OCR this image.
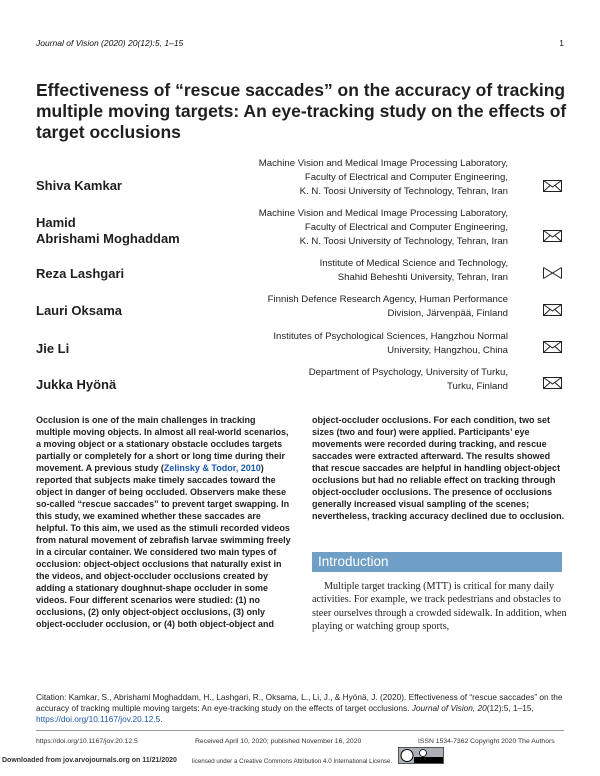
Journal of Vision (2020) 20(12):5, 1–15	1
Effectiveness of “rescue saccades” on the accuracy of tracking multiple moving targets: An eye-tracking study on the effects of target occlusions
Shiva Kamkar
Machine Vision and Medical Image Processing Laboratory,
Faculty of Electrical and Computer Engineering,
K. N. Toosi University of Technology, Tehran, Iran
Hamid
Abrishami Moghaddam
Machine Vision and Medical Image Processing Laboratory,
Faculty of Electrical and Computer Engineering,
K. N. Toosi University of Technology, Tehran, Iran
Reza Lashgari
Institute of Medical Science and Technology,
Shahid Beheshti University, Tehran, Iran
Lauri Oksama
Finnish Defence Research Agency, Human Performance
Division, Järvenpää, Finland
Jie Li
Institutes of Psychological Sciences, Hangzhou Normal
University, Hangzhou, China
Jukka Hyönä
Department of Psychology, University of Turku,
Turku, Finland
Occlusion is one of the main challenges in tracking multiple moving objects. In almost all real-world scenarios, a moving object or a stationary obstacle occludes targets partially or completely for a short or long time during their movement. A previous study (Zelinsky & Todor, 2010) reported that subjects make timely saccades toward the object in danger of being occluded. Observers make these so-called “rescue saccades” to prevent target swapping. In this study, we examined whether these saccades are helpful. To this aim, we used as the stimuli recorded videos from natural movement of zebrafish larvae swimming freely in a circular container. We considered two main types of occlusion: object-object occlusions that naturally exist in the videos, and object-occluder occlusions created by adding a stationary doughnut-shape occluder in some videos. Four different scenarios were studied: (1) no occlusions, (2) only object-object occlusions, (3) only object-occluder occlusion, or (4) both object-object and
object-occluder occlusions. For each condition, two set sizes (two and four) were applied. Participants’ eye movements were recorded during tracking, and rescue saccades were extracted afterward. The results showed that rescue saccades are helpful in handling object-object occlusions but had no reliable effect on tracking through object-occluder occlusions. The presence of occlusions generally increased visual sampling of the scenes; nevertheless, tracking accuracy declined due to occlusion.
Introduction
Multiple target tracking (MTT) is critical for many daily activities. For example, we track pedestrians and obstacles to steer ourselves through a crowded sidewalk. In addition, when playing or watching group sports,
Citation: Kamkar, S., Abrishami Moghaddam, H., Lashgari, R., Oksama, L., Li, J., & Hyönä, J. (2020). Effectiveness of “rescue saccades” on the accuracy of tracking multiple moving targets: An eye-tracking study on the effects of target occlusions. Journal of Vision, 20(12):5, 1–15, https://doi.org/10.1167/jov.20.12.5.
https://doi.org/10.1167/jov.20.12.5	Received April 10, 2020; published November 16, 2020	ISSN 1534-7362 Copyright 2020 The Authors
Downloaded from jov.arvojournals.org on 11/21/2020 licensed under a Creative Commons Attribution 4.0 International License.
